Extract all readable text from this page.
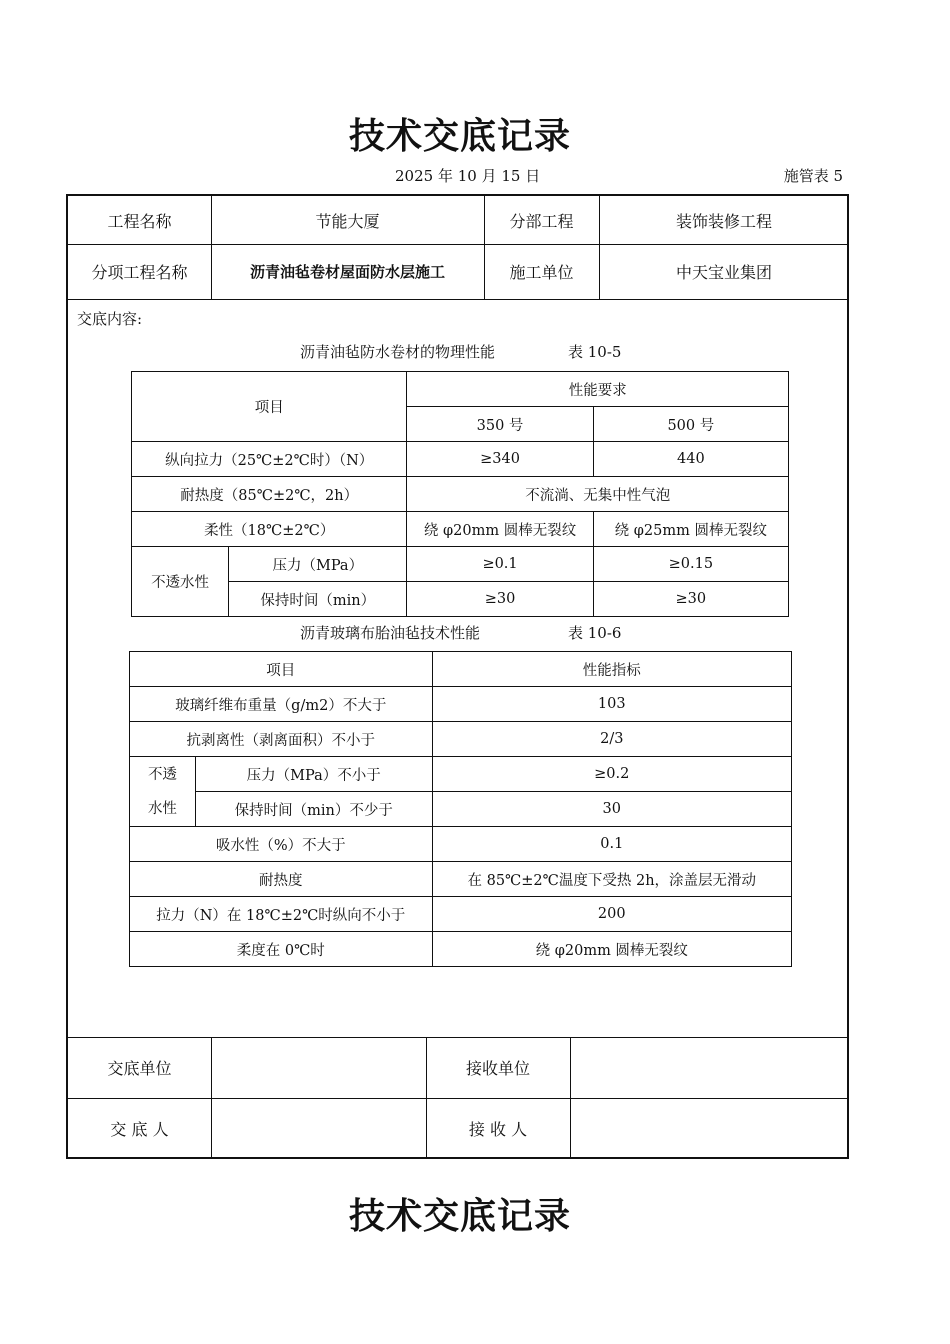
技术交底记录
2025 年 10 月 15 日	施管表 5
工程名称	节能大厦	分部工程	装饰装修工程
分项工程名称	沥青油毡卷材屋面防水层施工	施工单位	中天宝业集团
交底内容:
沥青油毡防水卷材的物理性能	表 10-5
项目		性能要求	
		350 号	500 号
纵向拉力（25℃±2℃时）（N）		≥340	440
耐热度（85℃±2℃，2h）		不流淌、无集中性气泡	
柔性（18℃±2℃）		绕 φ20mm 圆棒无裂纹	绕 φ25mm 圆棒无裂纹
不透水性	压力（MPa）	≥0.1	≥0.15
	保持时间（min）	≥30	≥30
沥青玻璃布胎油毡技术性能	表 10-6
项目		性能指标
玻璃纤维布重量（g/m2）不大于		103
抗剥离性（剥离面积）不小于		2/3

不透
水性	压力（MPa）不小于	≥0.2
	保持时间（min）不少于	30
吸水性（%）不大于		0.1
耐热度		在 85℃±2℃温度下受热 2h，涂盖层无滑动
拉力（N）在 18℃±2℃时纵向不小于		200
柔度在 0℃时		绕 φ20mm 圆棒无裂纹
交底单位	接收单位
交 底 人	接 收 人
技术交底记录
